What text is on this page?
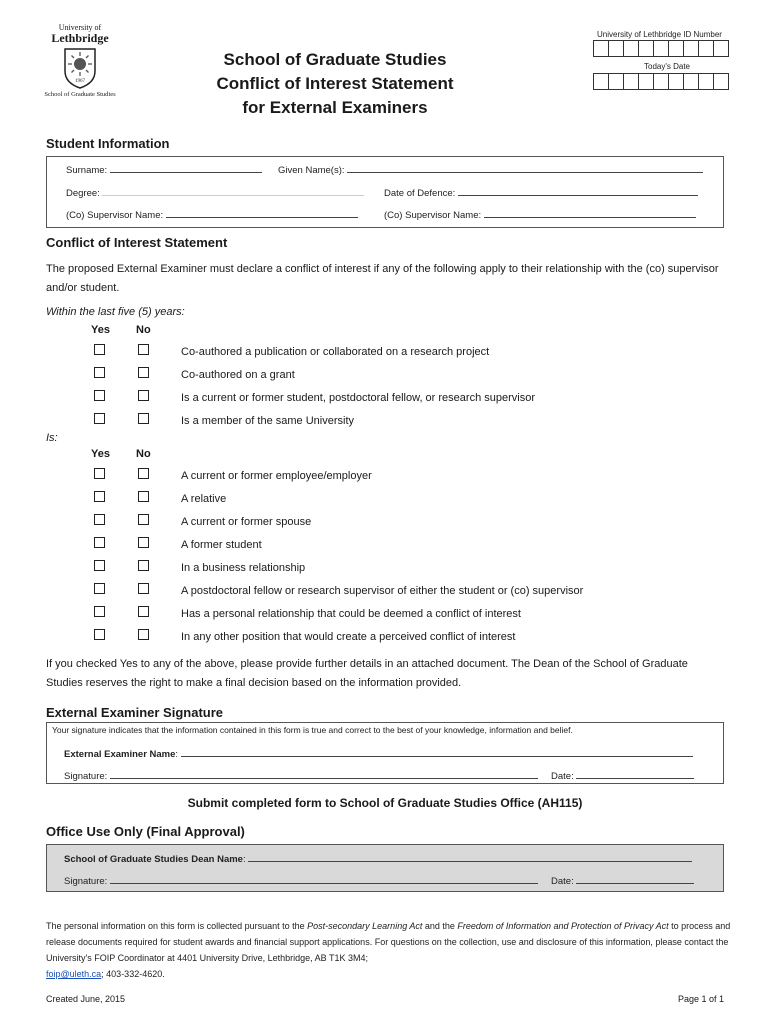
University of
Lethbridge
1967
School of Graduate Studies
School of Graduate Studies
Conflict of Interest Statement
for External Examiners
University of Lethbridge ID Number
Today's Date
Student Information
Surname:	Given Name(s):
Degree:	Date of Defence:
(Co) Supervisor Name:	(Co) Supervisor Name:
Conflict of Interest Statement
The proposed External Examiner must declare a conflict of interest if any of the following apply to their relationship with the (co) supervisor and/or student.
Within the last five (5) years:
Yes No
Co-authored a publication or collaborated on a research project
Co-authored on a grant
Is a current or former student, postdoctoral fellow, or research supervisor
Is a member of the same University
Is:
Yes No
A current or former employee/employer
A relative
A current or former spouse
A former student
In a business relationship
A postdoctoral fellow or research supervisor of either the student or (co) supervisor
Has a personal relationship that could be deemed a conflict of interest
In any other position that would create a perceived conflict of interest
If you checked Yes to any of the above, please provide further details in an attached document. The Dean of the School of Graduate Studies reserves the right to make a final decision based on the information provided.
External Examiner Signature
Your signature indicates that the information contained in this form is true and correct to the best of your knowledge, information and belief.
External Examiner Name:
Signature:	Date:
Submit completed form to School of Graduate Studies Office (AH115)
Office Use Only (Final Approval)
School of Graduate Studies Dean Name:
Signature:	Date:
The personal information on this form is collected pursuant to the Post-secondary Learning Act and the Freedom of Information and Protection of Privacy Act to process and release documents required for student awards and financial support applications. For questions on the collection, use and disclosure of this information, please contact the University's FOIP Coordinator at 4401 University Drive, Lethbridge, AB T1K 3M4;
foip@uleth.ca; 403-332-4620.
Created June, 2015	Page 1 of 1
